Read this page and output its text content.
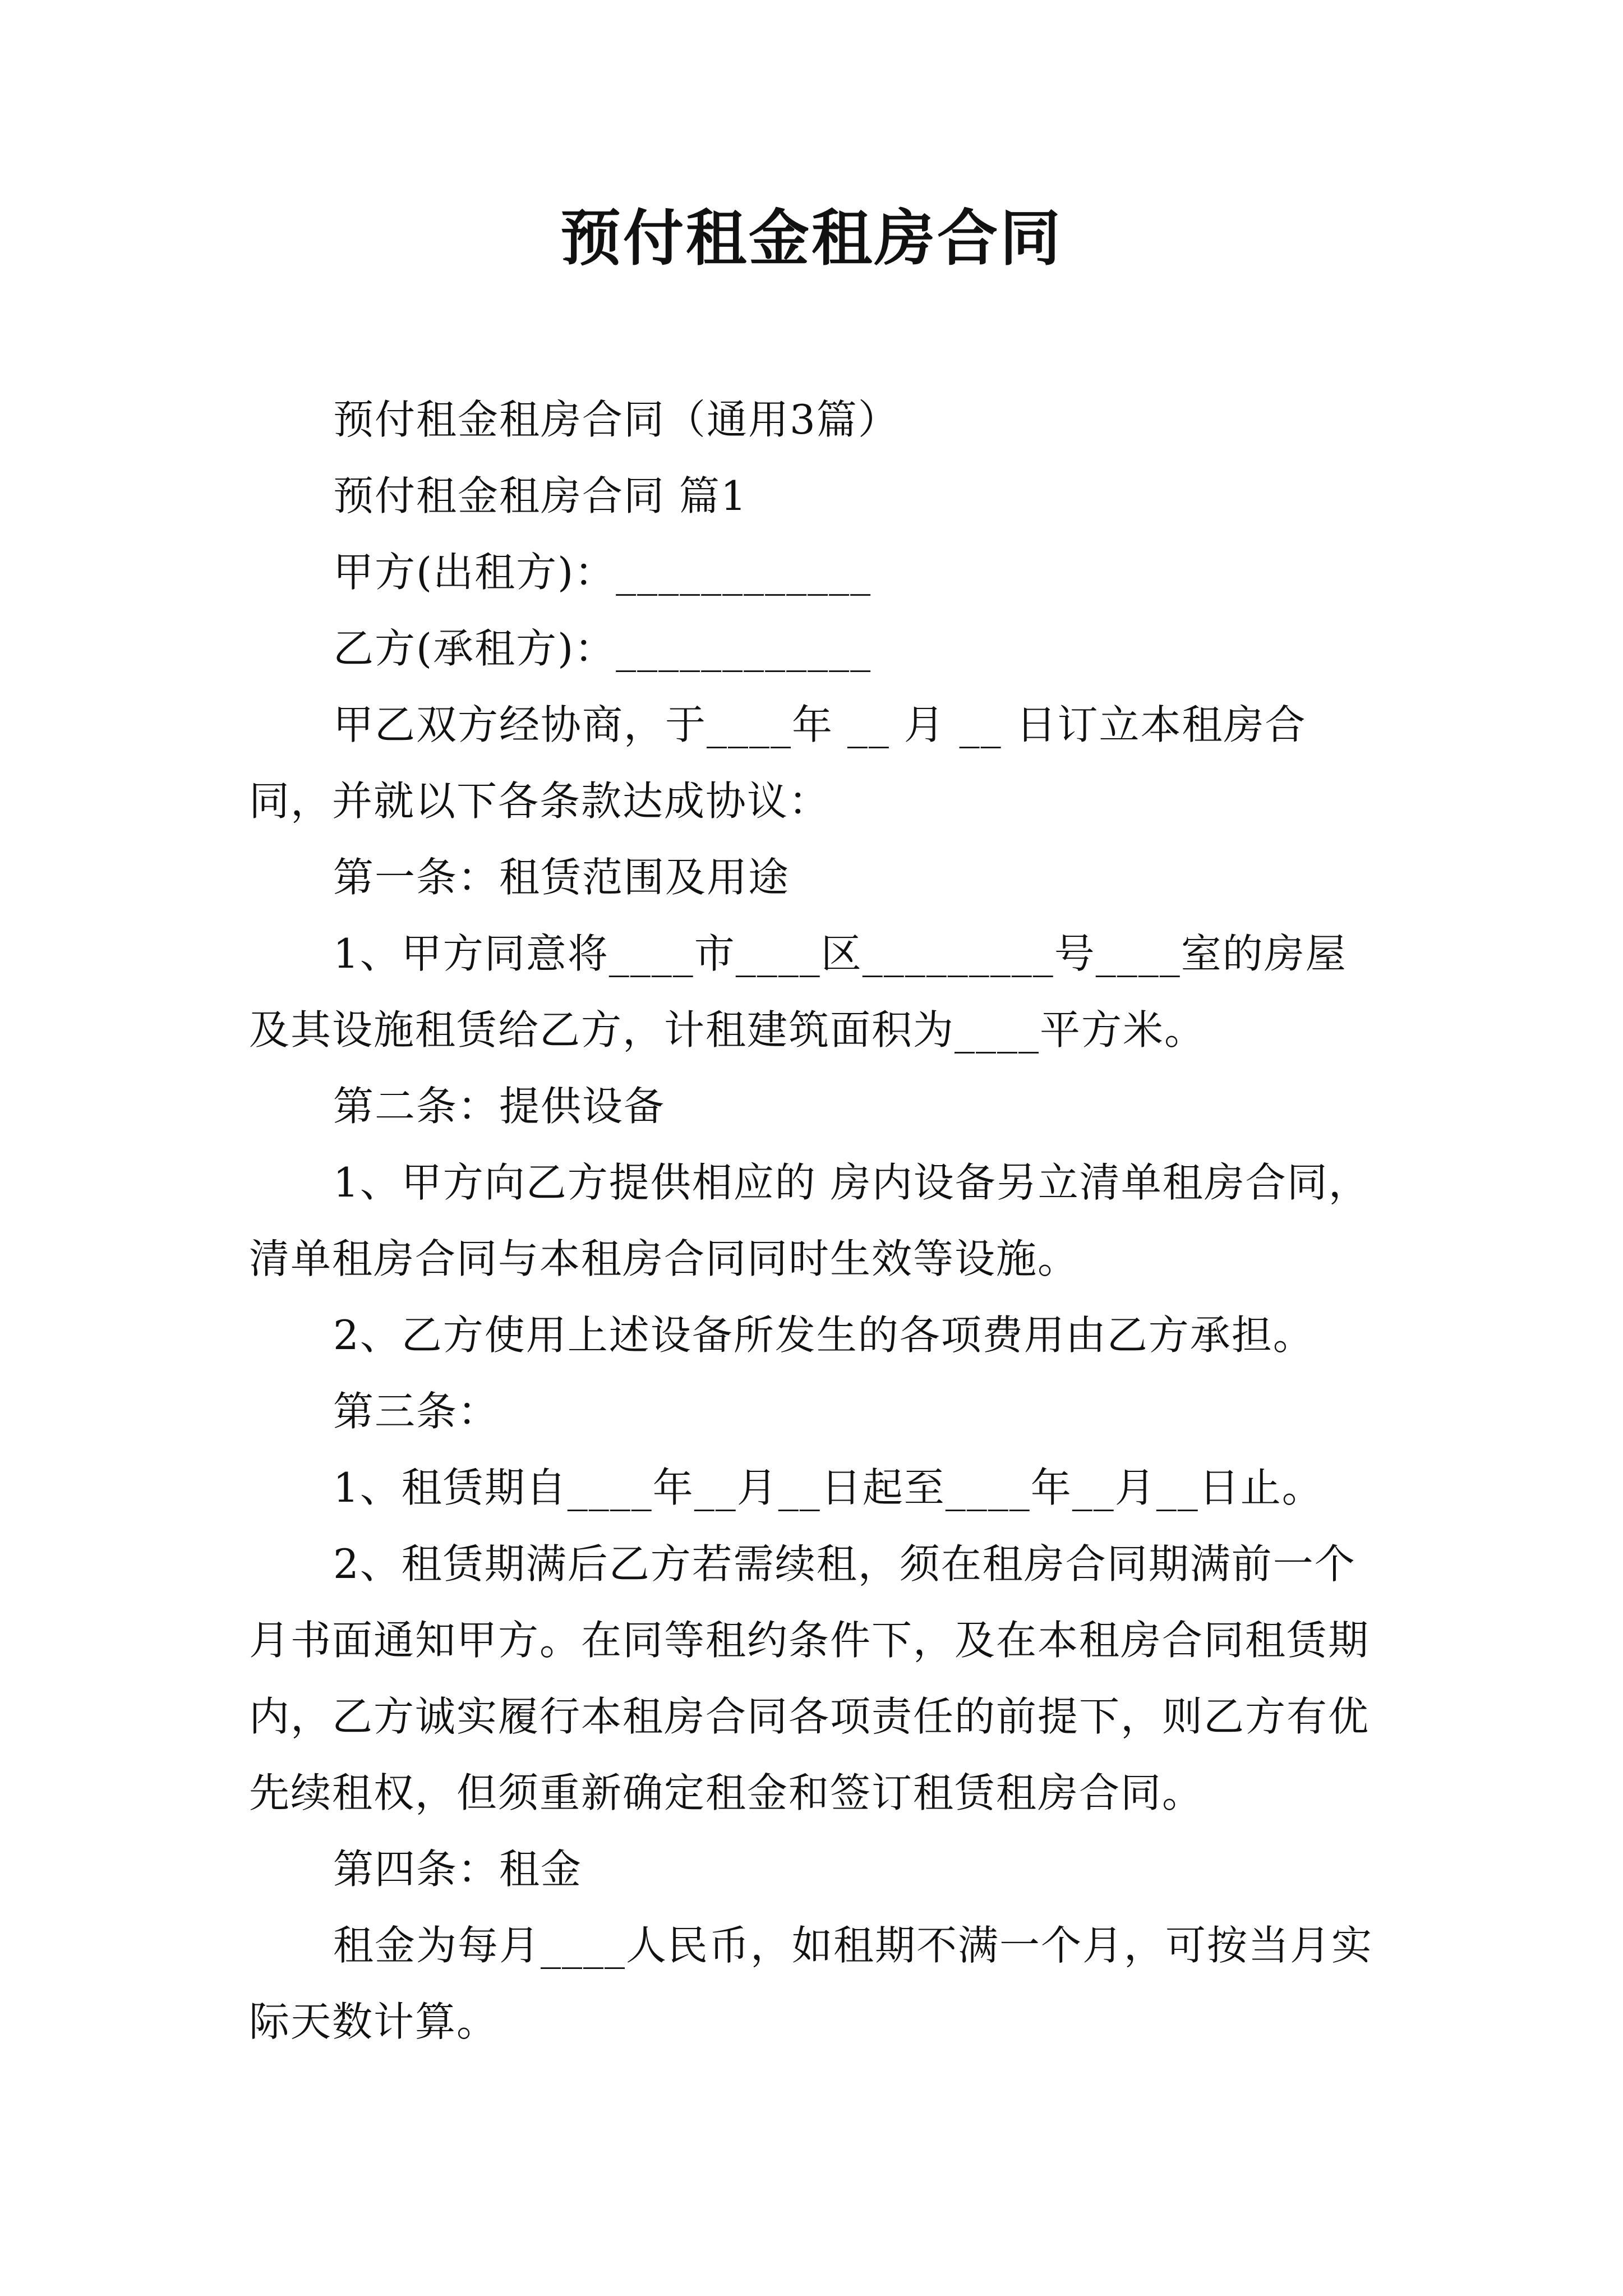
预付租金租房合同

预付租金租房合同（通用3篇）

预付租金租房合同 篇1

甲方(出租方)：____________

乙方(承租方)：____________

甲乙双方经协商，于____年 __ 月 __ 日订立本租房合同，并就以下各条款达成协议：

第一条：租赁范围及用途

1、甲方同意将____市____区_________号____室的房屋及其设施租赁给乙方，计租建筑面积为____平方米。

第二条：提供设备

1、甲方向乙方提供相应的 房内设备另立清单租房合同，清单租房合同与本租房合同同时生效等设施。

2、乙方使用上述设备所发生的各项费用由乙方承担。

第三条：

1、租赁期自____年__月__日起至____年__月__日止。

2、租赁期满后乙方若需续租，须在租房合同期满前一个月书面通知甲方。在同等租约条件下，及在本租房合同租赁期内，乙方诚实履行本租房合同各项责任的前提下，则乙方有优先续租权，但须重新确定租金和签订租赁租房合同。

第四条：租金

租金为每月____人民币，如租期不满一个月，可按当月实际天数计算。
